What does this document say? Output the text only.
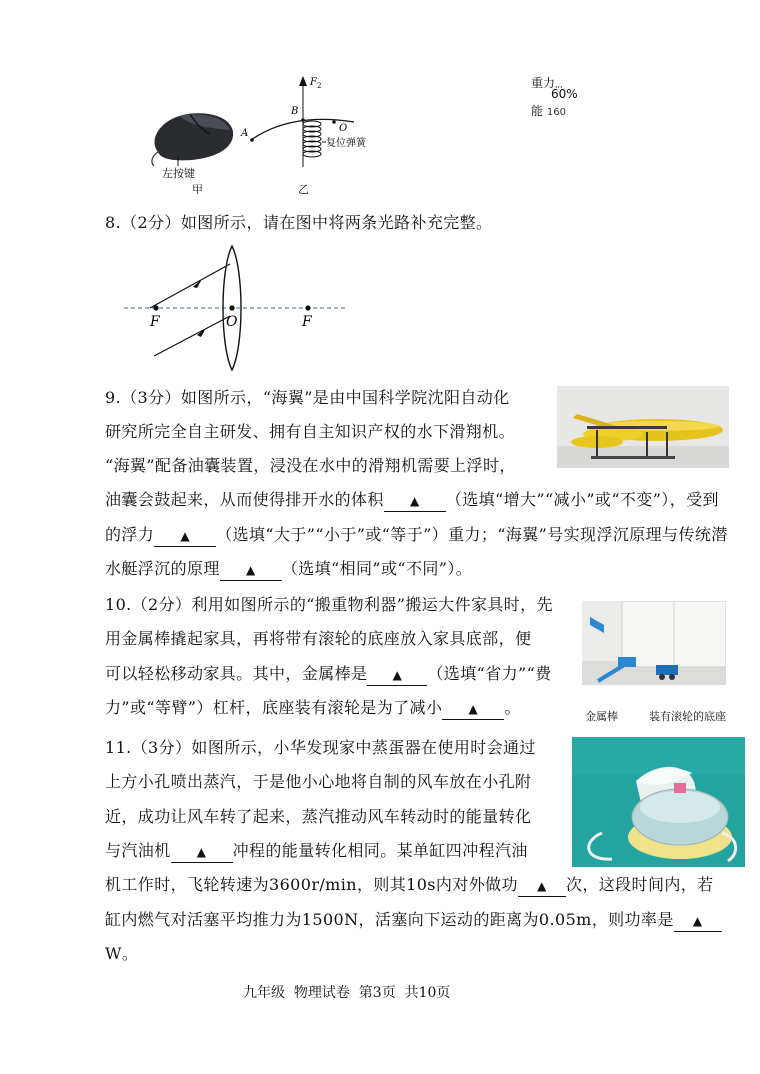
左按键
甲
F 2
A
B
O
复位弹簧
乙
重力,,,
60%
能 160
8.（2分）如图所示，请在图中将两条光路补充完整。
F	O	F
9.（3分）如图所示，“海翼”是由中国科学院沈阳自动化
研究所完全自主研发、拥有自主知识产权的水下滑翔机。
“海翼”配备油囊装置，浸没在水中的滑翔机需要上浮时，
油囊会鼓起来，从而使得排开水的体积 ▲ （选填“增大”“减小”或“不变”），受到
的浮力 ▲ （选填“大于”“小于”或“等于”）重力；“海翼”号实现浮沉原理与传统潜
水艇浮沉的原理 ▲ （选填“相同”或“不同”）。
10.（2分）利用如图所示的“搬重物利器”搬运大件家具时，先
用金属棒撬起家具，再将带有滚轮的底座放入家具底部，便
可以轻松移动家具。其中，金属棒是 ▲ （选填“省力”“费
力”或“等臂”）杠杆，底座装有滚轮是为了减小 ▲ 。	金属棒	装有滚轮的底座
11.（3分）如图所示，小华发现家中蒸蛋器在使用时会通过
上方小孔喷出蒸汽，于是他小心地将自制的风车放在小孔附
近，成功让风车转了起来，蒸汽推动风车转动时的能量转化
与汽油机 ▲ 冲程的能量转化相同。某单缸四冲程汽油
机工作时，飞轮转速为3600r/min，则其10s内对外做功 ▲ 次，这段时间内，若
缸内燃气对活塞平均推力为1500N，活塞向下运动的距离为0.05m，则功率是 ▲
W。
九年级  物理试卷  第3页  共10页
